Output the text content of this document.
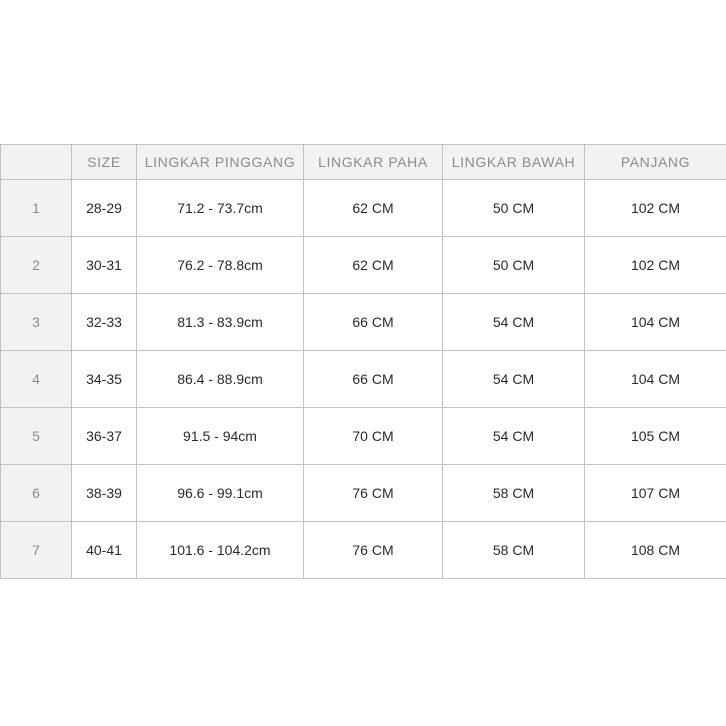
	SIZE	LINGKAR PINGGANG	LINGKAR PAHA	LINGKAR BAWAH	PANJANG
1	28-29	71.2 - 73.7cm	62 CM	50 CM	102 CM
2	30-31	76.2 - 78.8cm	62 CM	50 CM	102 CM
3	32-33	81.3 - 83.9cm	66 CM	54 CM	104 CM
4	34-35	86.4 - 88.9cm	66 CM	54 CM	104 CM
5	36-37	91.5 - 94cm	70 CM	54 CM	105 CM
6	38-39	96.6 - 99.1cm	76 CM	58 CM	107 CM
7	40-41	101.6 - 104.2cm	76 CM	58 CM	108 CM
